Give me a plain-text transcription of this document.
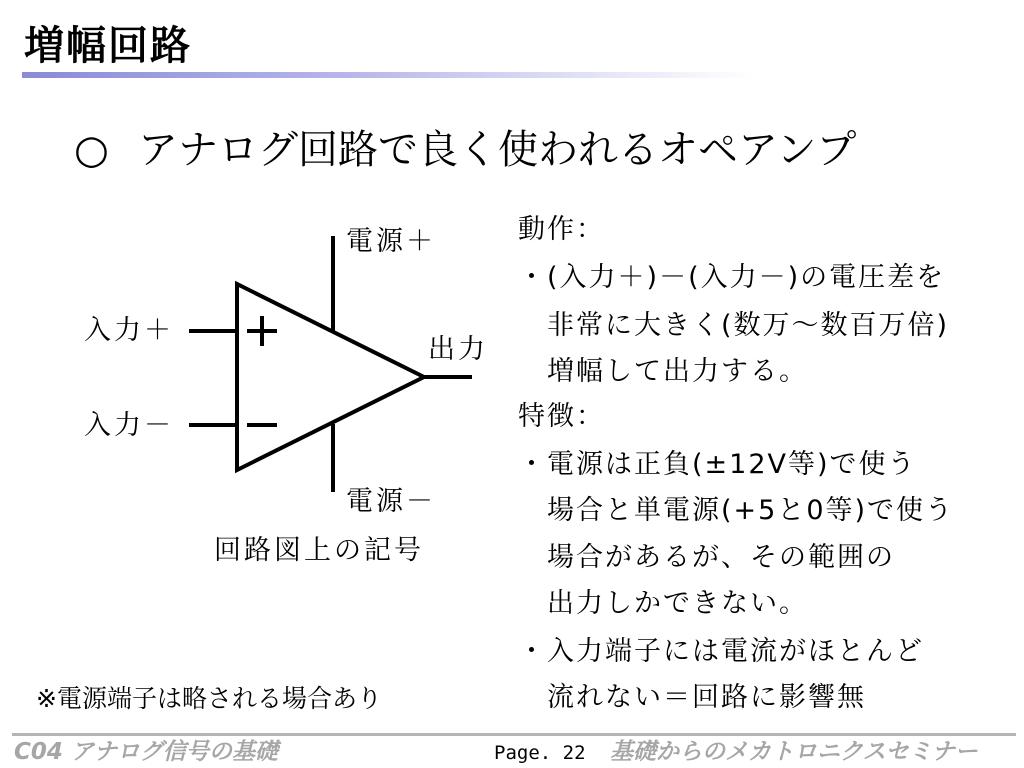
増幅回路
○ アナログ回路で良く使われるオペアンプ
電源＋
電源－
入力＋
入力－
出力
回路図上の記号
動作：
・(入力＋)－(入力－)の電圧差を
　非常に大きく(数万～数百万倍)
　増幅して出力する。
特徴：
・電源は正負(±12V等)で使う
　場合と単電源(+5と0等)で使う
　場合があるが、その範囲の
　出力しかできない。
・入力端子には電流がほとんど
　流れない＝回路に影響無
※電源端子は略される場合あり
C04 アナログ信号の基礎	Page. 22 基礎からのメカトロニクスセミナー
